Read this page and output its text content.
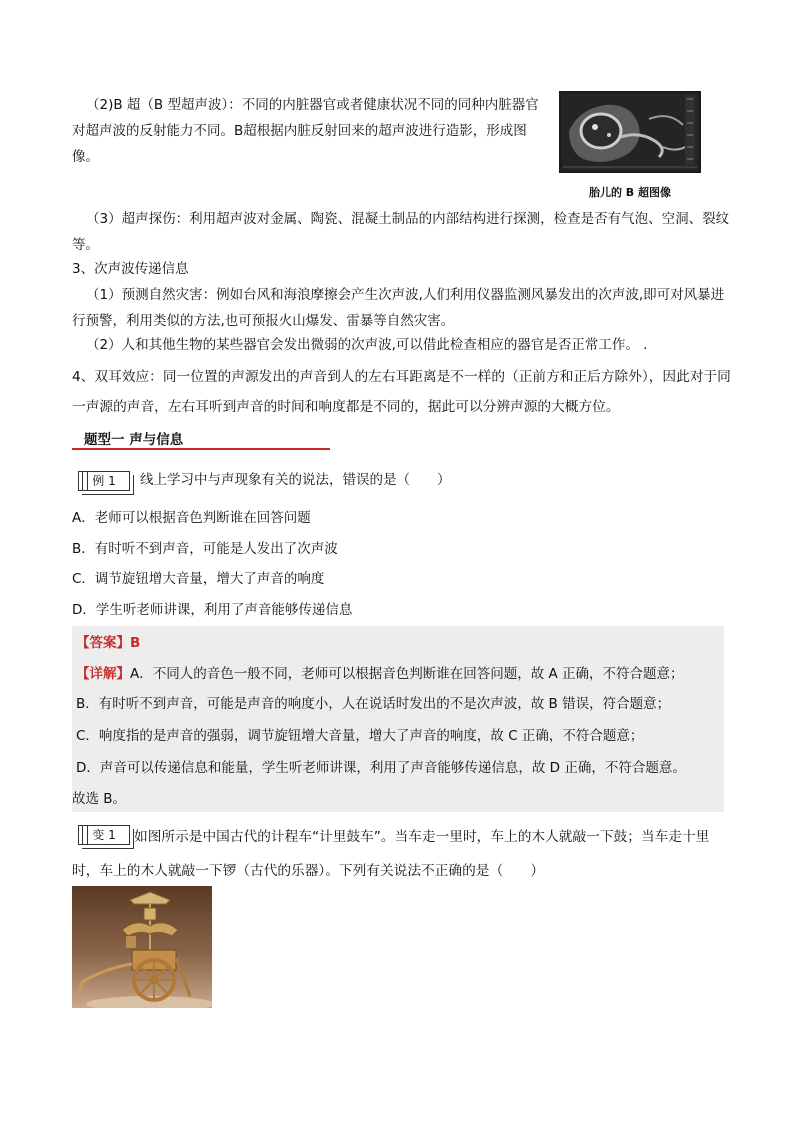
（2)B 超（B 型超声波）：不同的内脏器官或者健康状况不同的同种内脏器官对超声波的反射能力不同。B超根据内脏反射回来的超声波进行造影，形成图像。
胎儿的 B 超图像
（3）超声探伤：利用超声波对金属、陶瓷、混凝土制品的内部结构进行探测，检查是否有气泡、空洞、裂纹等。
3、次声波传递信息
（1）预测自然灾害：例如台风和海浪摩擦会产生次声波,人们利用仪器监测风暴发出的次声波,即可对风暴进行预警，利用类似的方法,也可预报火山爆发、雷暴等自然灾害。
（2）人和其他生物的某些器官会发出微弱的次声波,可以借此检查相应的器官是否正常工作。 .
4、双耳效应：同一位置的声源发出的声音到人的左右耳距离是不一样的（正前方和正后方除外），因此对于同一声源的声音，左右耳听到声音的时间和响度都是不同的，据此可以分辨声源的大概方位。
题型一 声与信息
例 1	线上学习中与声现象有关的说法，错误的是（　　）
A．老师可以根据音色判断谁在回答问题
B．有时听不到声音，可能是人发出了次声波
C．调节旋钮增大音量，增大了声音的响度
D．学生听老师讲课，利用了声音能够传递信息
【答案】B
【详解】A．不同人的音色一般不同，老师可以根据音色判断谁在回答问题，故 A 正确，不符合题意；
B．有时听不到声音，可能是声音的响度小，人在说话时发出的不是次声波，故 B 错误，符合题意；
C．响度指的是声音的强弱，调节旋钮增大音量，增大了声音的响度，故 C 正确，不符合题意；
D．声音可以传递信息和能量，学生听老师讲课，利用了声音能够传递信息，故 D 正确，不符合题意。
故选 B。
变 1	如图所示是中国古代的计程车“计里鼓车”。当车走一里时，车上的木人就敲一下鼓；当车走十里时，车上的木人就敲一下锣（古代的乐器）。下列有关说法不正确的是（　　）
